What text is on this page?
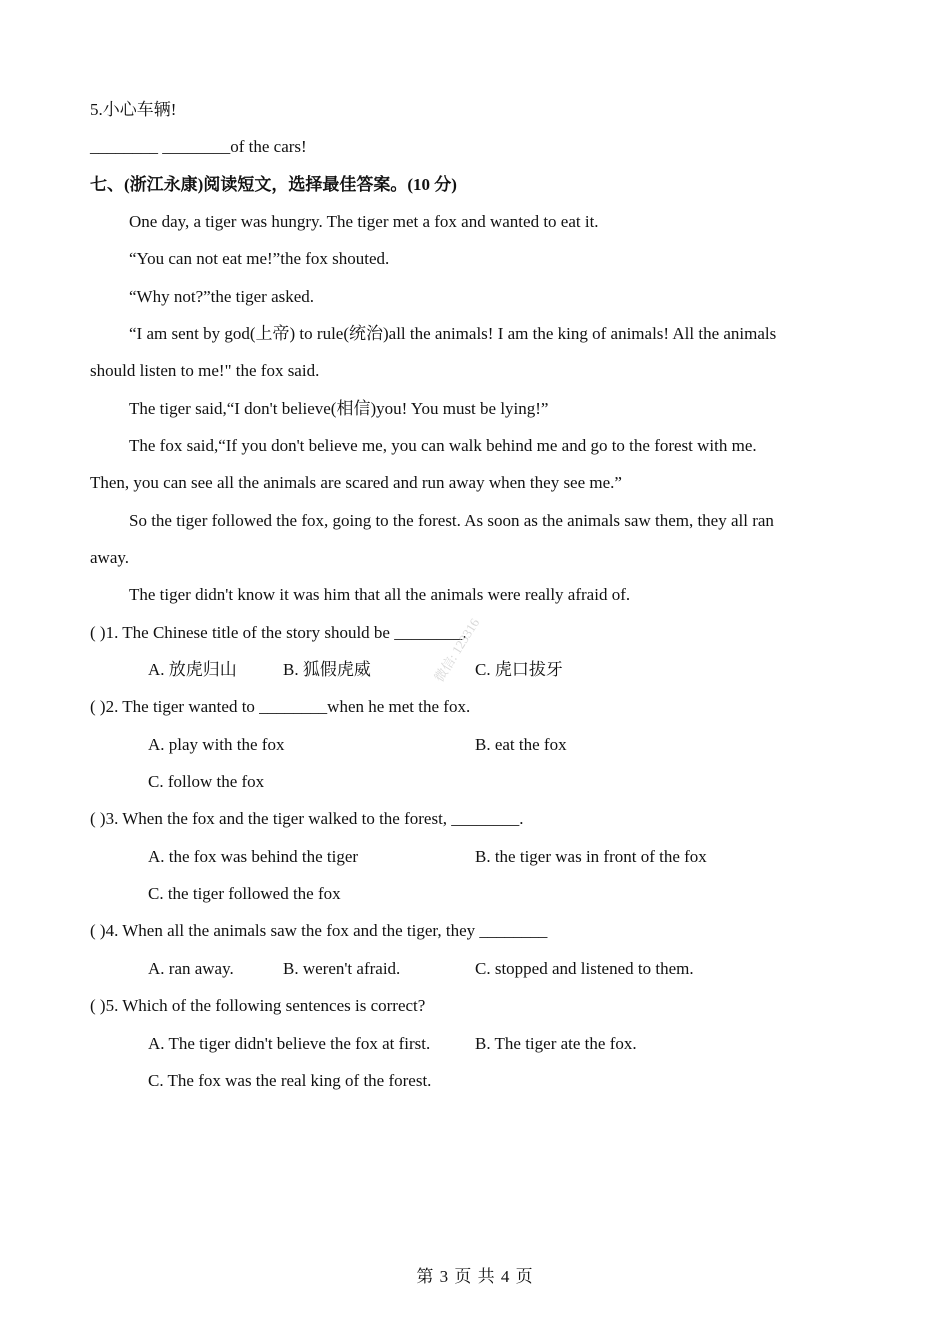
5.小心车辆!
________ ________of the cars!
七、(浙江永康)阅读短文，选择最佳答案。(10 分)
One day, a tiger was hungry. The tiger met a fox and wanted to eat it.
“You can not eat me!”the fox shouted.
“Why not?”the tiger asked.
“I am sent by god(上帝) to rule(统治)all the animals! I am the king of animals! All the animals
should listen to me!" the fox said.
The tiger said,“I don't believe(相信)you! You must be lying!”
The fox said,“If you don't believe me, you can walk behind me and go to the forest with me.
Then, you can see all the animals are scared and run away when they see me.”
So the tiger followed the fox, going to the forest. As soon as the animals saw them, they all ran
away.
The tiger didn't know it was him that all the animals were really afraid of.
( )1. The Chinese title of the story should be ________.
A. 放虎归山	B. 狐假虎威	C. 虎口拔牙
( )2. The tiger wanted to ________when he met the fox.
A. play with the fox	B. eat the fox
C. follow the fox
( )3. When the fox and the tiger walked to the forest, ________.
A. the fox was behind the tiger	B. the tiger was in front of the fox
C. the tiger followed the fox
( )4. When all the animals saw the fox and the tiger, they ________
A. ran away.	B. weren't afraid.	C. stopped and listened to them.
( )5. Which of the following sentences is correct?
A. The tiger didn't believe the fox at first.	B. The tiger ate the fox.
C. The fox was the real king of the forest.
微信: 123316
第 3 页 共 4 页
